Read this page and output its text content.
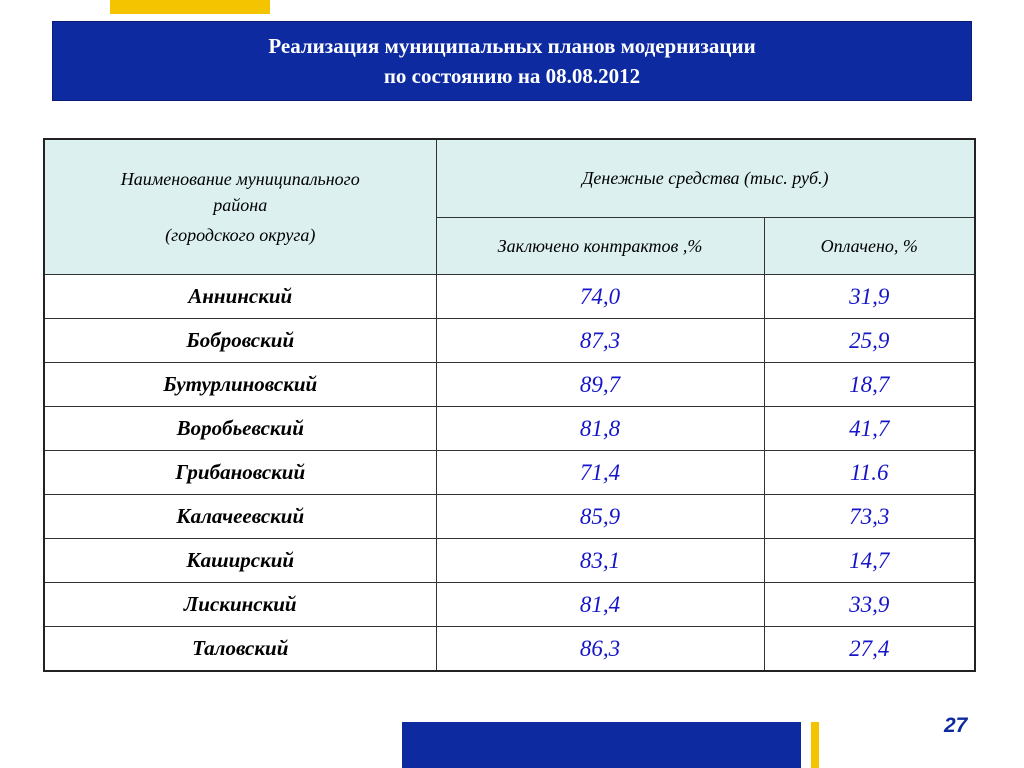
Реализация муниципальных планов модернизации
по состоянию на 08.08.2012
Наименование муниципального
района
(городского округа)	Денежные средства (тыс. руб.)	
	Заключено контрактов ,%	Оплачено, %
Аннинский	74,0	31,9
Бобровский	87,3	25,9
Бутурлиновский	89,7	18,7
Воробьевский	81,8	41,7
Грибановский	71,4	11.6
Калачеевский	85,9	73,3
Каширский	83,1	14,7
Лискинский	81,4	33,9
Таловский	86,3	27,4
27
